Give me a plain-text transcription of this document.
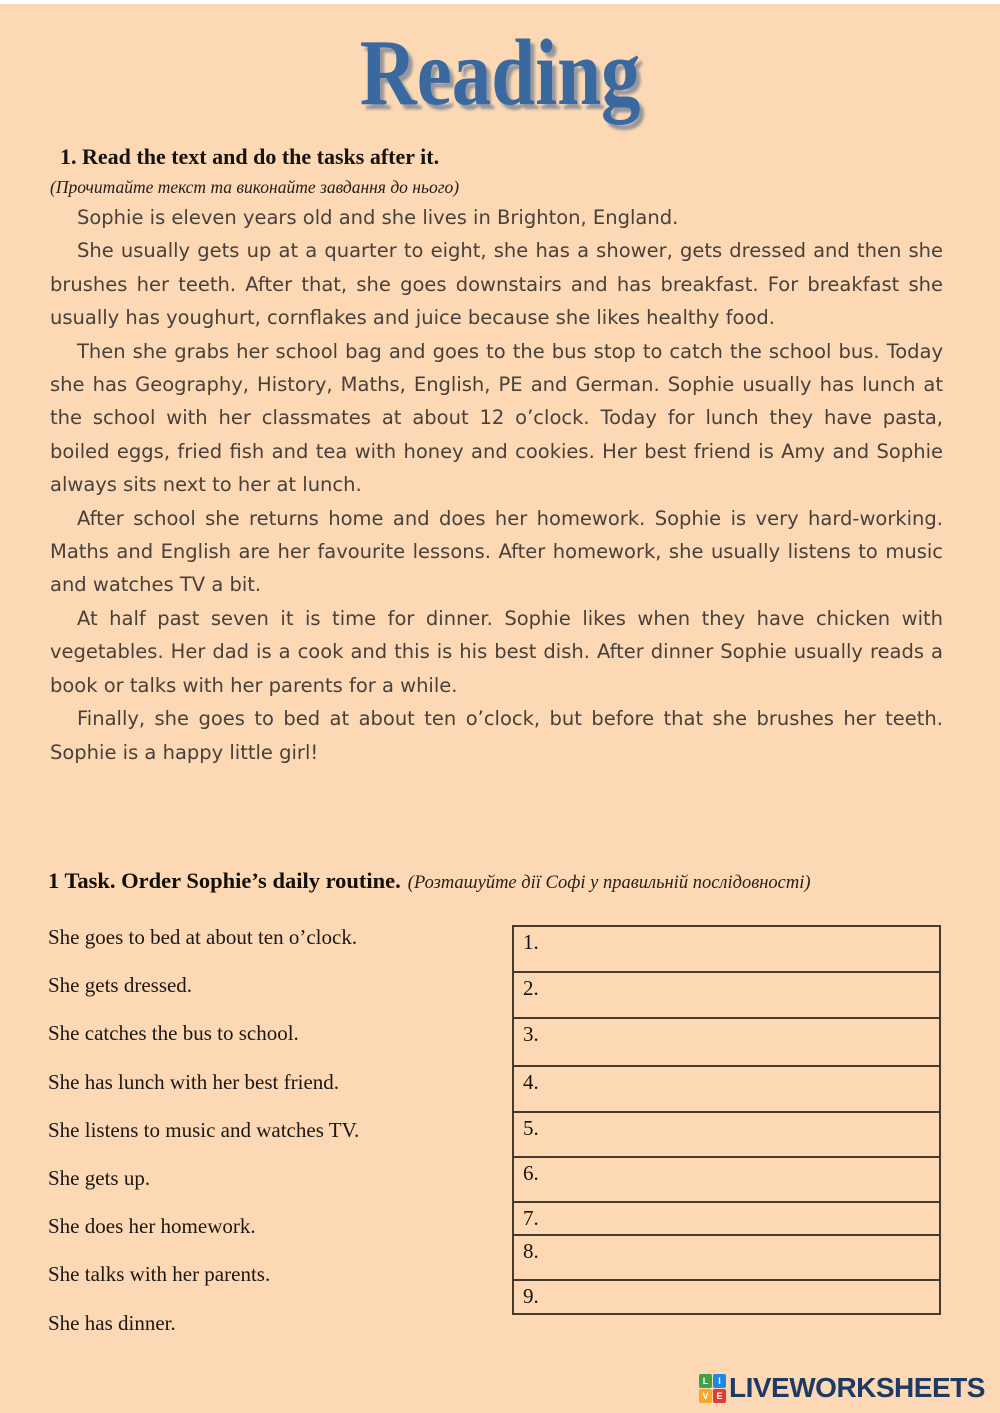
Reading
1. Read the text and do the tasks after it.
(Прочитайте текст та виконайте завдання до нього)

Sophie is eleven years old and she lives in Brighton, England.

She usually gets up at a quarter to eight, she has a shower, gets dressed and then she brushes her teeth. After that, she goes downstairs and has breakfast. For breakfast she usually has youghurt, cornflakes and juice because she likes healthy food.

Then she grabs her school bag and goes to the bus stop to catch the school bus. Today she has Geography, History, Maths, English, PE and German. Sophie usually has lunch at the school with her classmates at about 12 o’clock. Today for lunch they have pasta, boiled eggs, fried fish and tea with honey and cookies. Her best friend is Amy and Sophie always sits next to her at lunch.

After school she returns home and does her homework. Sophie is very hard-working. Maths and English are her favourite lessons. After homework, she usually listens to music and watches TV a bit.

At half past seven it is time for dinner. Sophie likes when they have chicken with vegetables. Her dad is a cook and this is his best dish. After dinner Sophie usually reads a book or talks with her parents for a while.

Finally, she goes to bed at about ten o’clock, but before that she brushes her teeth. Sophie is a happy little girl!

1 Task. Order Sophie’s daily routine. (Розташуйте дії Софі у правильній послідовності)
She goes to bed at about ten o’clock.
She gets dressed.
She catches the bus to school.
She has lunch with her best friend.
She listens to music and watches TV.
She gets up.
She does her homework.
She talks with her parents.
She has dinner.
1.
2.
3.
4.
5.
6.
7.
8.
9.
L	I
V E LIVEWORKSHEETS
